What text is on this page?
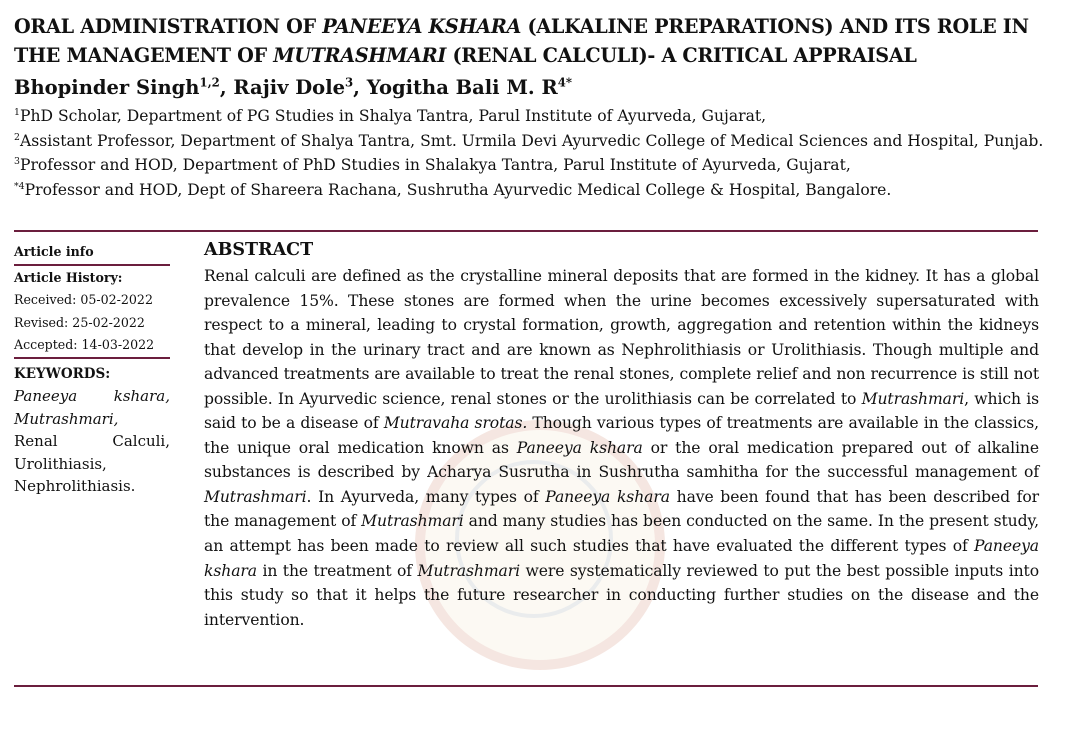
ORAL ADMINISTRATION OF PANEEYA KSHARA (ALKALINE PREPARATIONS) AND ITS ROLE IN THE MANAGEMENT OF MUTRASHMARI (RENAL CALCULI)- A CRITICAL APPRAISAL
Bhopinder Singh$^{1,2}$, Rajiv Dole$^3$, Yogitha Bali M. $R^{4*}$
$^1$PhD Scholar, Department of PG Studies in Shalya Tantra, Parul Institute of Ayurveda, Gujarat,
$^2$Assistant Professor, Department of Shalya Tantra, Smt. Urmila Devi Ayurvedic College of Medical Sciences and Hospital, Punjab.
$^3$Professor and HOD, Department of PhD Studies in Shalakya Tantra, Parul Institute of Ayurveda, Gujarat,
$^{*4}$Professor and HOD, Dept of Shareera Rachana, Sushrutha Ayurvedic Medical College & Hospital, Bangalore.
Article info
Article History:
Received: 05-02-2022
Revised: 25-02-2022
Accepted: 14-03-2022
KEYWORDS:
Paneeya kshara,
Mutrashmari,
Renal Calculi,
Urolithiasis,
Nephrolithiasis.
ABSTRACT
Renal calculi are defined as the crystalline mineral deposits that are formed in the kidney. It has a global prevalence 15%. These stones are formed when the urine becomes excessively supersaturated with respect to a mineral, leading to crystal formation, growth, aggregation and retention within the kidneys that develop in the urinary tract and are known as Nephrolithiasis or Urolithiasis. Though multiple and advanced treatments are available to treat the renal stones, complete relief and non recurrence is still not possible. In Ayurvedic science, renal stones or the urolithiasis can be correlated to Mutrashmari, which is said to be a disease of Mutravaha srotas. Though various types of treatments are available in the classics, the unique oral medication known as Paneeya kshara or the oral medication prepared out of alkaline substances is described by Acharya Susrutha in Sushrutha samhitha for the successful management of Mutrashmari. In Ayurveda, many types of Paneeya kshara have been found that has been described for the management of Mutrashmari and many studies has been conducted on the same. In the present study, an attempt has been made to review all such studies that have evaluated the different types of Paneeya kshara in the treatment of Mutrashmari were systematically reviewed to put the best possible inputs into this study so that it helps the future researcher in conducting further studies on the disease and the intervention.
